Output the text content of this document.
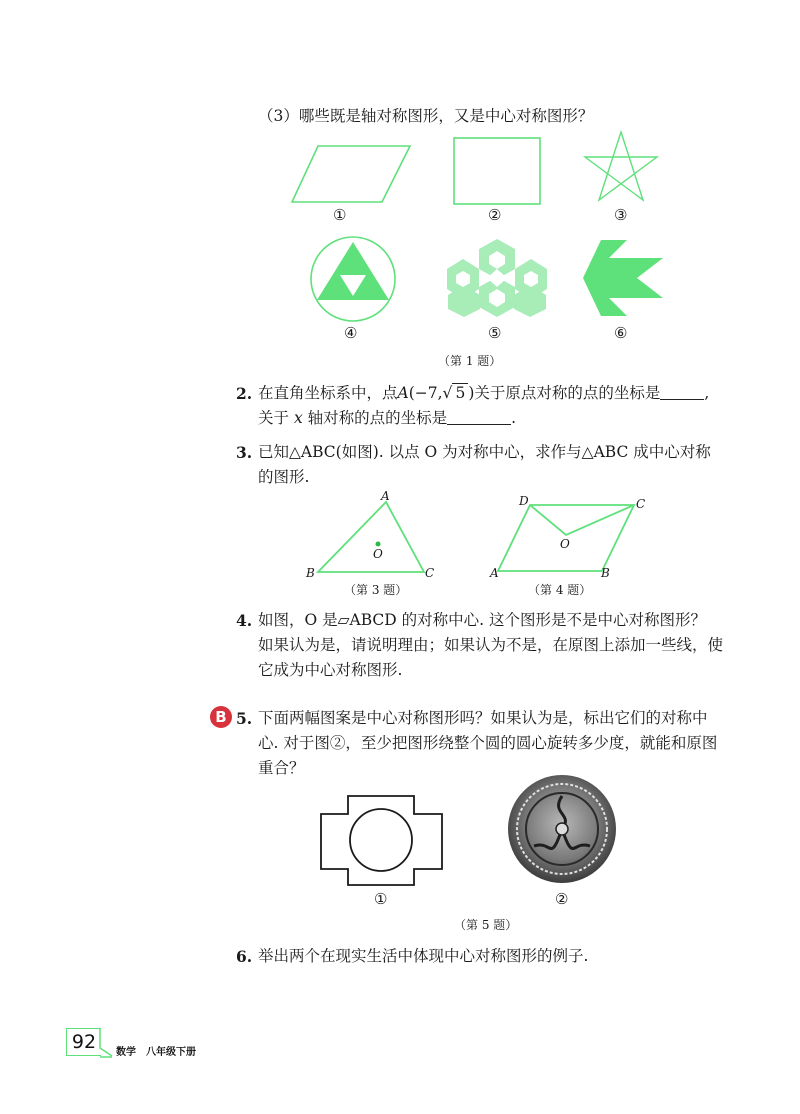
（3）哪些既是轴对称图形，又是中心对称图形？
①	②	③
④	⑤	⑥
（第 1 题）
2. 在直角坐标系中，点A(−7,√ 5 )关于原点对称的点的坐标是	,
关于 x 轴对称的点的坐标是	.
3. 已知△ABC(如图). 以点 O 为对称中心，求作与△ABC 成中心对称
的图形.
A
B	C
O
（第 3 题）
D	C
A	B
O
（第 4 题）
4. 如图，O 是▱ABCD 的对称中心. 这个图形是不是中心对称图形？
如果认为是，请说明理由；如果认为不是，在原图上添加一些线，使
它成为中心对称图形.
B 5. 下面两幅图案是中心对称图形吗？如果认为是，标出它们的对称中
心. 对于图②，至少把图形绕整个圆的圆心旋转多少度，就能和原图
重合？
①	②
（第 5 题）
6. 举出两个在现实生活中体现中心对称图形的例子.
92	数学　八年级下册
